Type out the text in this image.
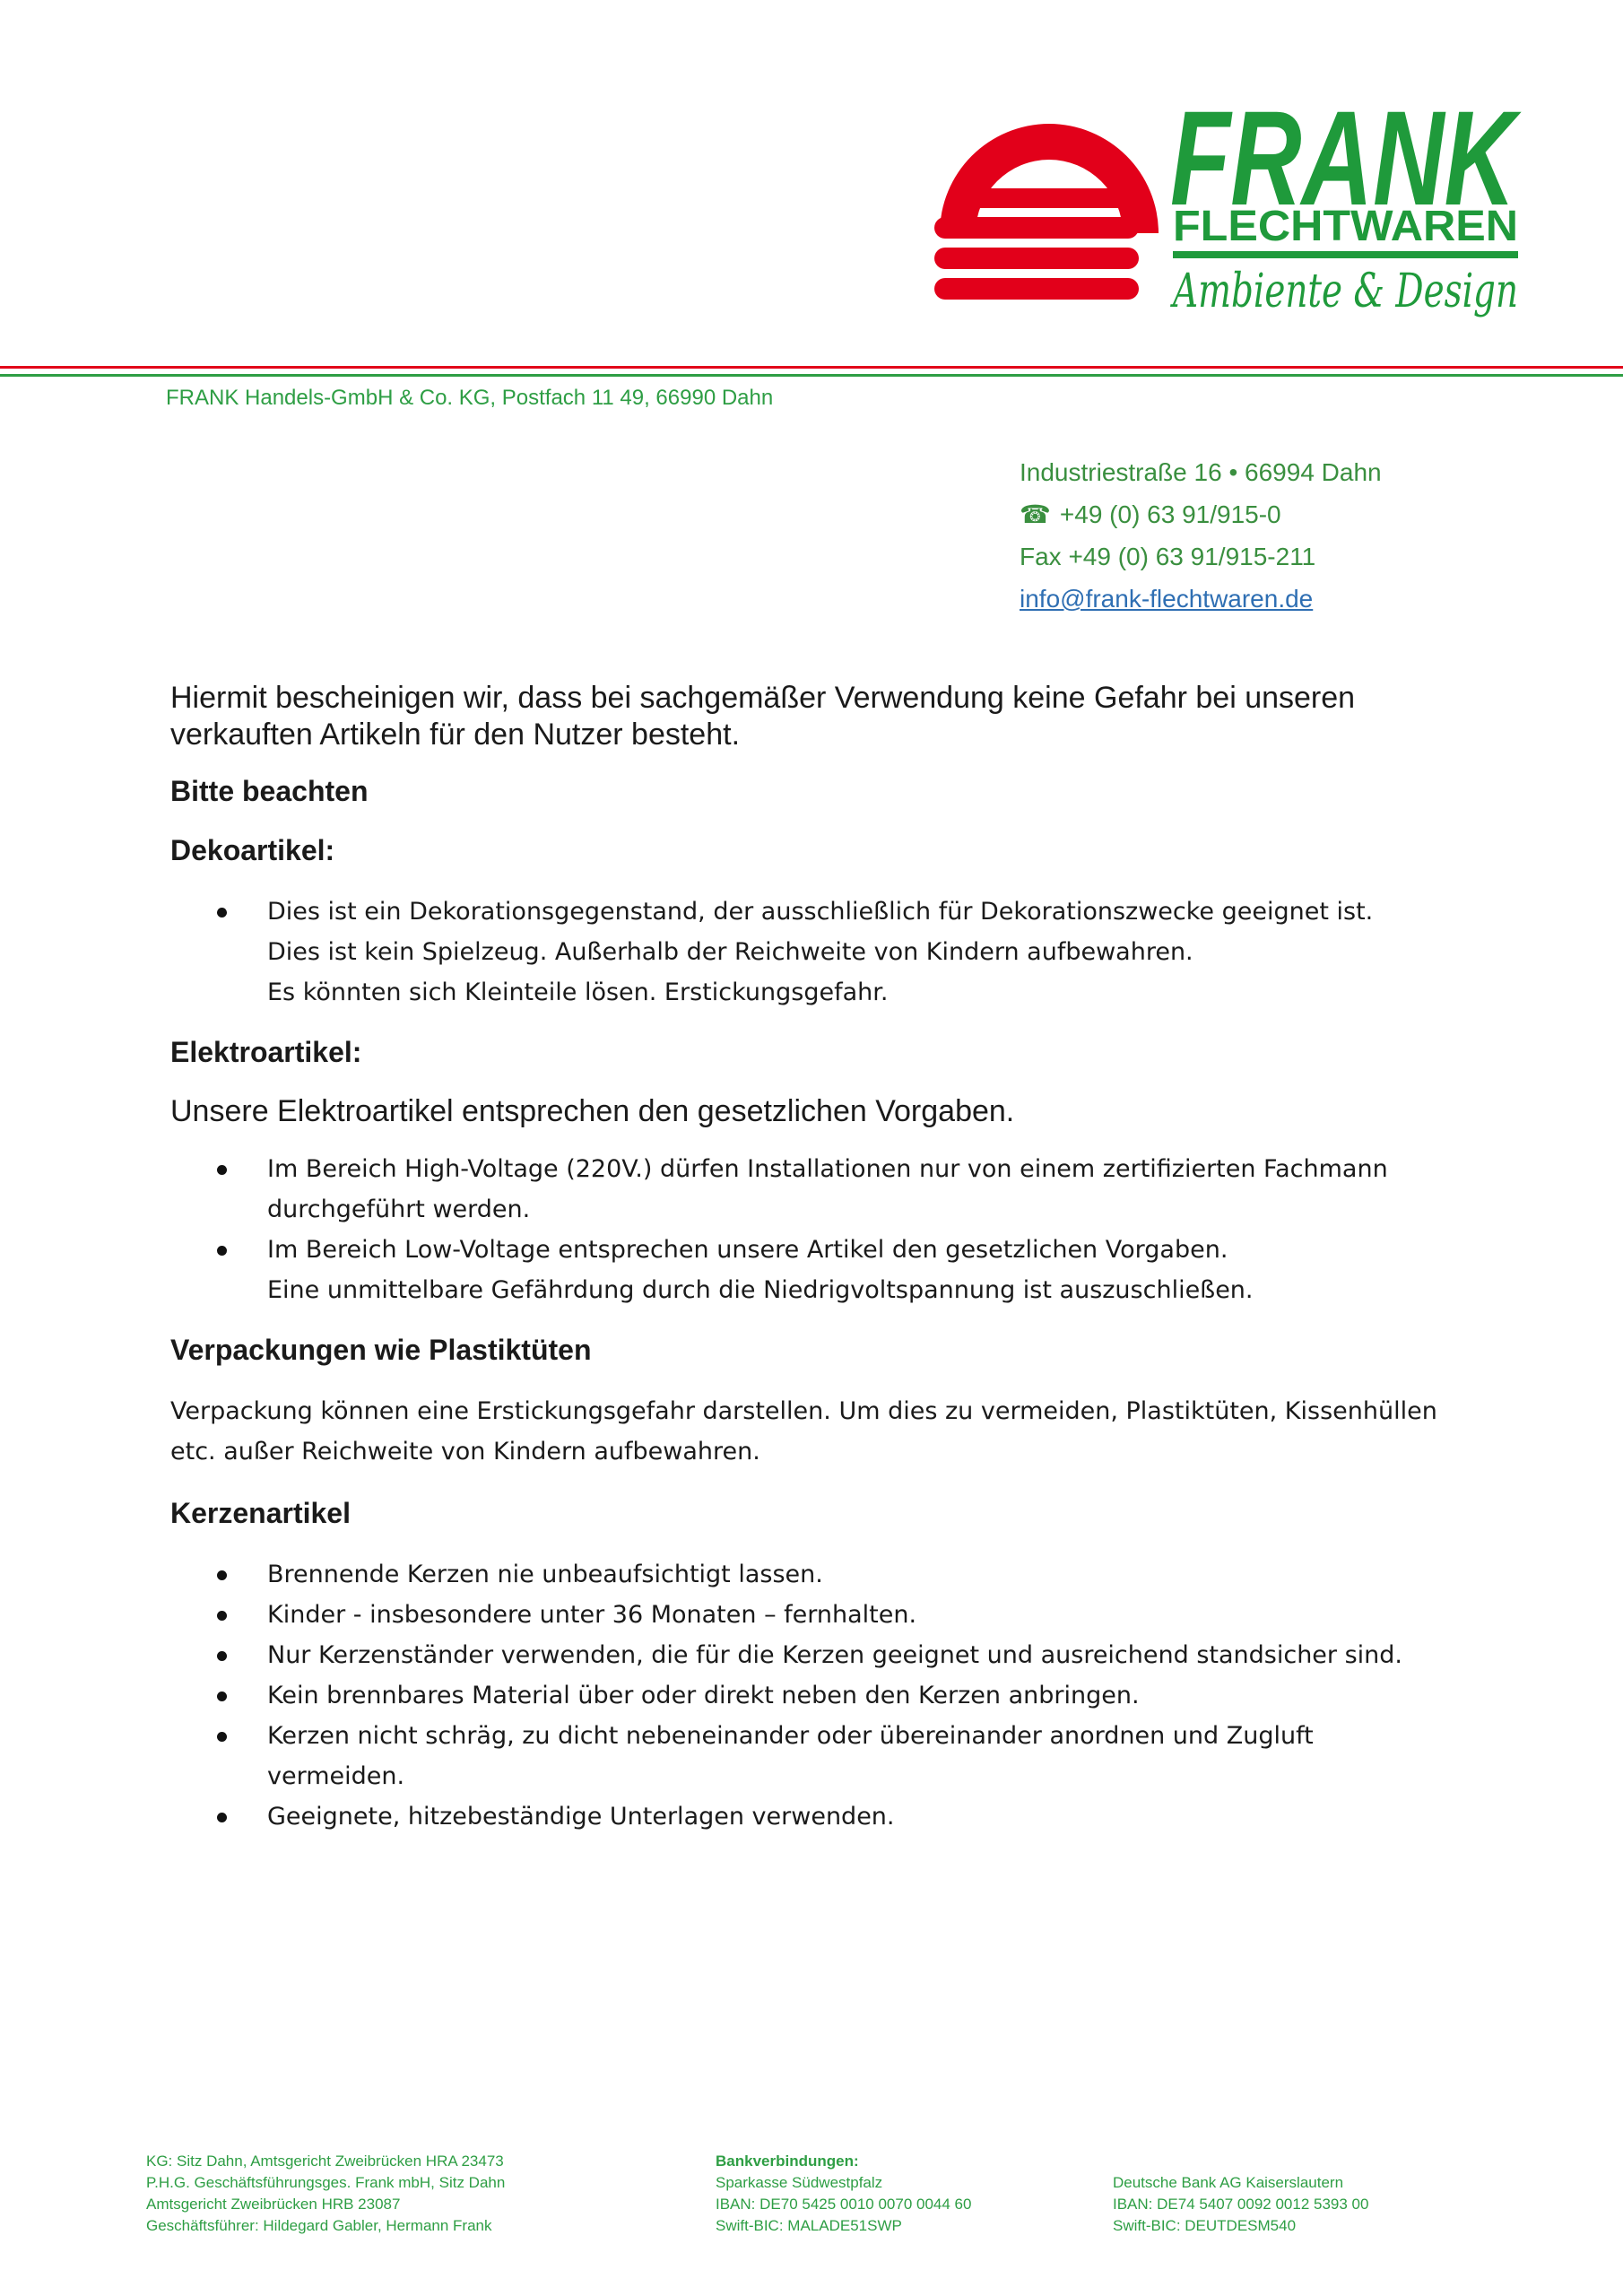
FRANK
FLECHTWAREN
Ambiente & Design
FRANK Handels-GmbH & Co. KG, Postfach 11 49, 66990 Dahn
Industriestraße 16 • 66994 Dahn
☎ +49 (0) 63 91/915-0
Fax +49 (0) 63 91/915-211
info@frank-flechtwaren.de

Hiermit bescheinigen wir, dass bei sachgemäßer Verwendung keine Gefahr bei unseren verkauften Artikeln für den Nutzer besteht.

Bitte beachten
Dekoartikel:
Dies ist ein Dekorationsgegenstand, der ausschließlich für Dekorationszwecke geeignet ist.
Dies ist kein Spielzeug. Außerhalb der Reichweite von Kindern aufbewahren.
Es könnten sich Kleinteile lösen. Erstickungsgefahr.
Elektroartikel:

Unsere Elektroartikel entsprechen den gesetzlichen Vorgaben.

Im Bereich High-Voltage (220V.) dürfen Installationen nur von einem zertifizierten Fachmann
durchgeführt werden.
Im Bereich Low-Voltage entsprechen unsere Artikel den gesetzlichen Vorgaben.
Eine unmittelbare Gefährdung durch die Niedrigvoltspannung ist auszuschließen.
Verpackungen wie Plastiktüten

Verpackung können eine Erstickungsgefahr darstellen. Um dies zu vermeiden, Plastiktüten, Kissenhüllen etc. außer Reichweite von Kindern aufbewahren.

Kerzenartikel
Brennende Kerzen nie unbeaufsichtigt lassen.
Kinder - insbesondere unter 36 Monaten – fernhalten.
Nur Kerzenständer verwenden, die für die Kerzen geeignet und ausreichend standsicher sind.
Kein brennbares Material über oder direkt neben den Kerzen anbringen.
Kerzen nicht schräg, zu dicht nebeneinander oder übereinander anordnen und Zugluft
vermeiden.
Geeignete, hitzebeständige Unterlagen verwenden.
KG: Sitz Dahn, Amtsgericht Zweibrücken HRA 23473
P.H.G. Geschäftsführungsges. Frank mbH, Sitz Dahn
Amtsgericht Zweibrücken HRB 23087
Geschäftsführer: Hildegard Gabler, Hermann Frank
Bankverbindungen:
Sparkasse Südwestpfalz
IBAN: DE70 5425 0010 0070 0044 60
Swift-BIC: MALADE51SWP
Deutsche Bank AG Kaiserslautern
IBAN: DE74 5407 0092 0012 5393 00
Swift-BIC: DEUTDESM540
